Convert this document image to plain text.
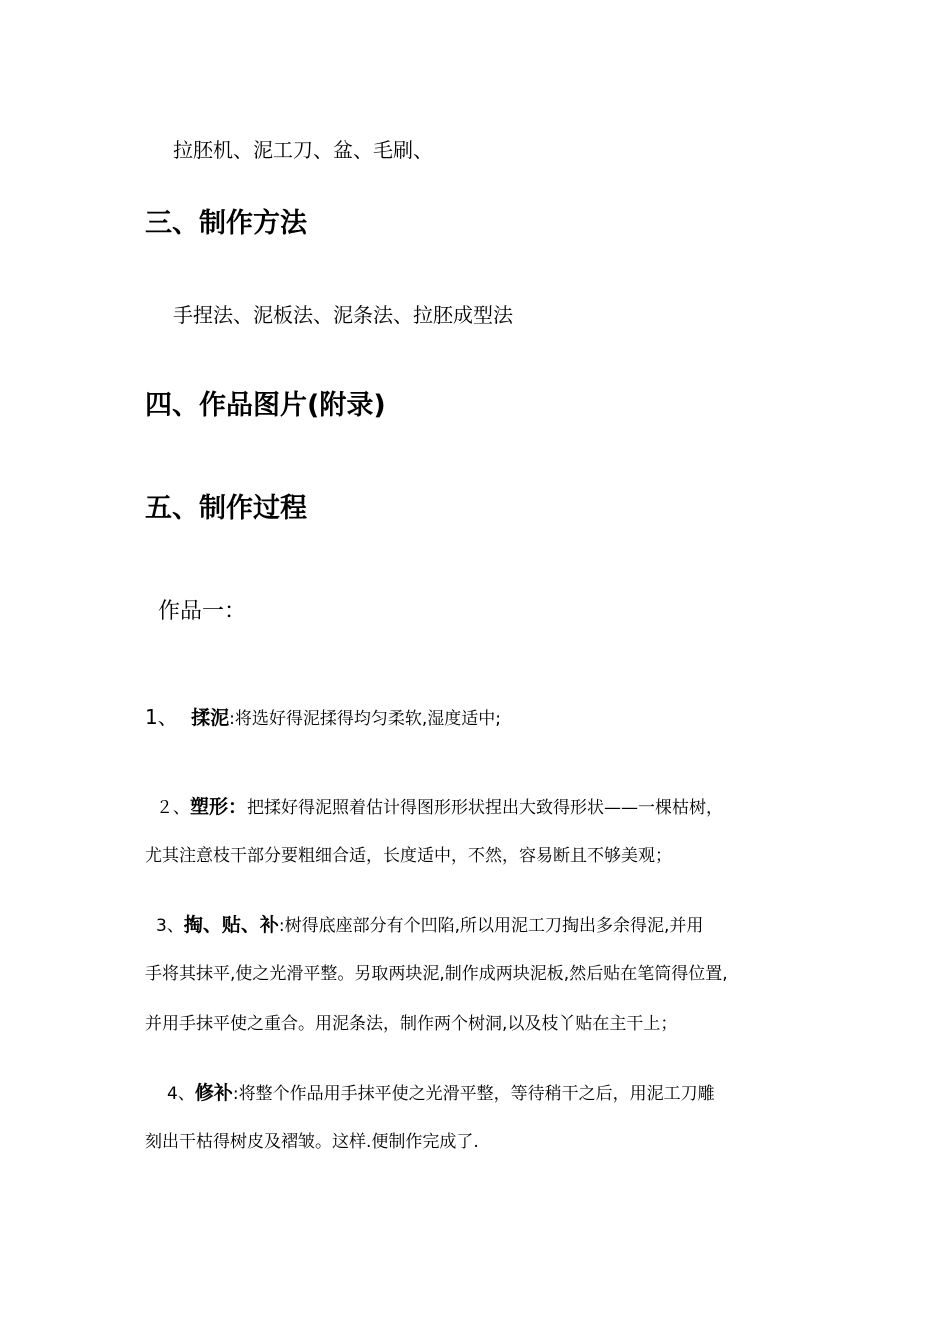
拉胚机、泥工刀、盆、毛刷、
三、制作方法
手捏法、泥板法、泥条法、拉胚成型法
四、作品图片(附录)
五、制作过程
作品一：
1、 揉泥:将选好得泥揉得均匀柔软,湿度适中;
２、塑形：把揉好得泥照着估计得图形形状捏出大致得形状——一棵枯树，
尤其注意枝干部分要粗细合适，长度适中，不然，容易断且不够美观；
3、掏、贴、补:树得底座部分有个凹陷,所以用泥工刀掏出多余得泥,并用
手将其抹平,使之光滑平整。另取两块泥,制作成两块泥板,然后贴在笔筒得位置,
并用手抹平使之重合。用泥条法，制作两个树洞,以及枝丫贴在主干上；
4、修补:将整个作品用手抹平使之光滑平整，等待稍干之后，用泥工刀雕
刻出干枯得树皮及褶皱。这样.便制作完成了.
